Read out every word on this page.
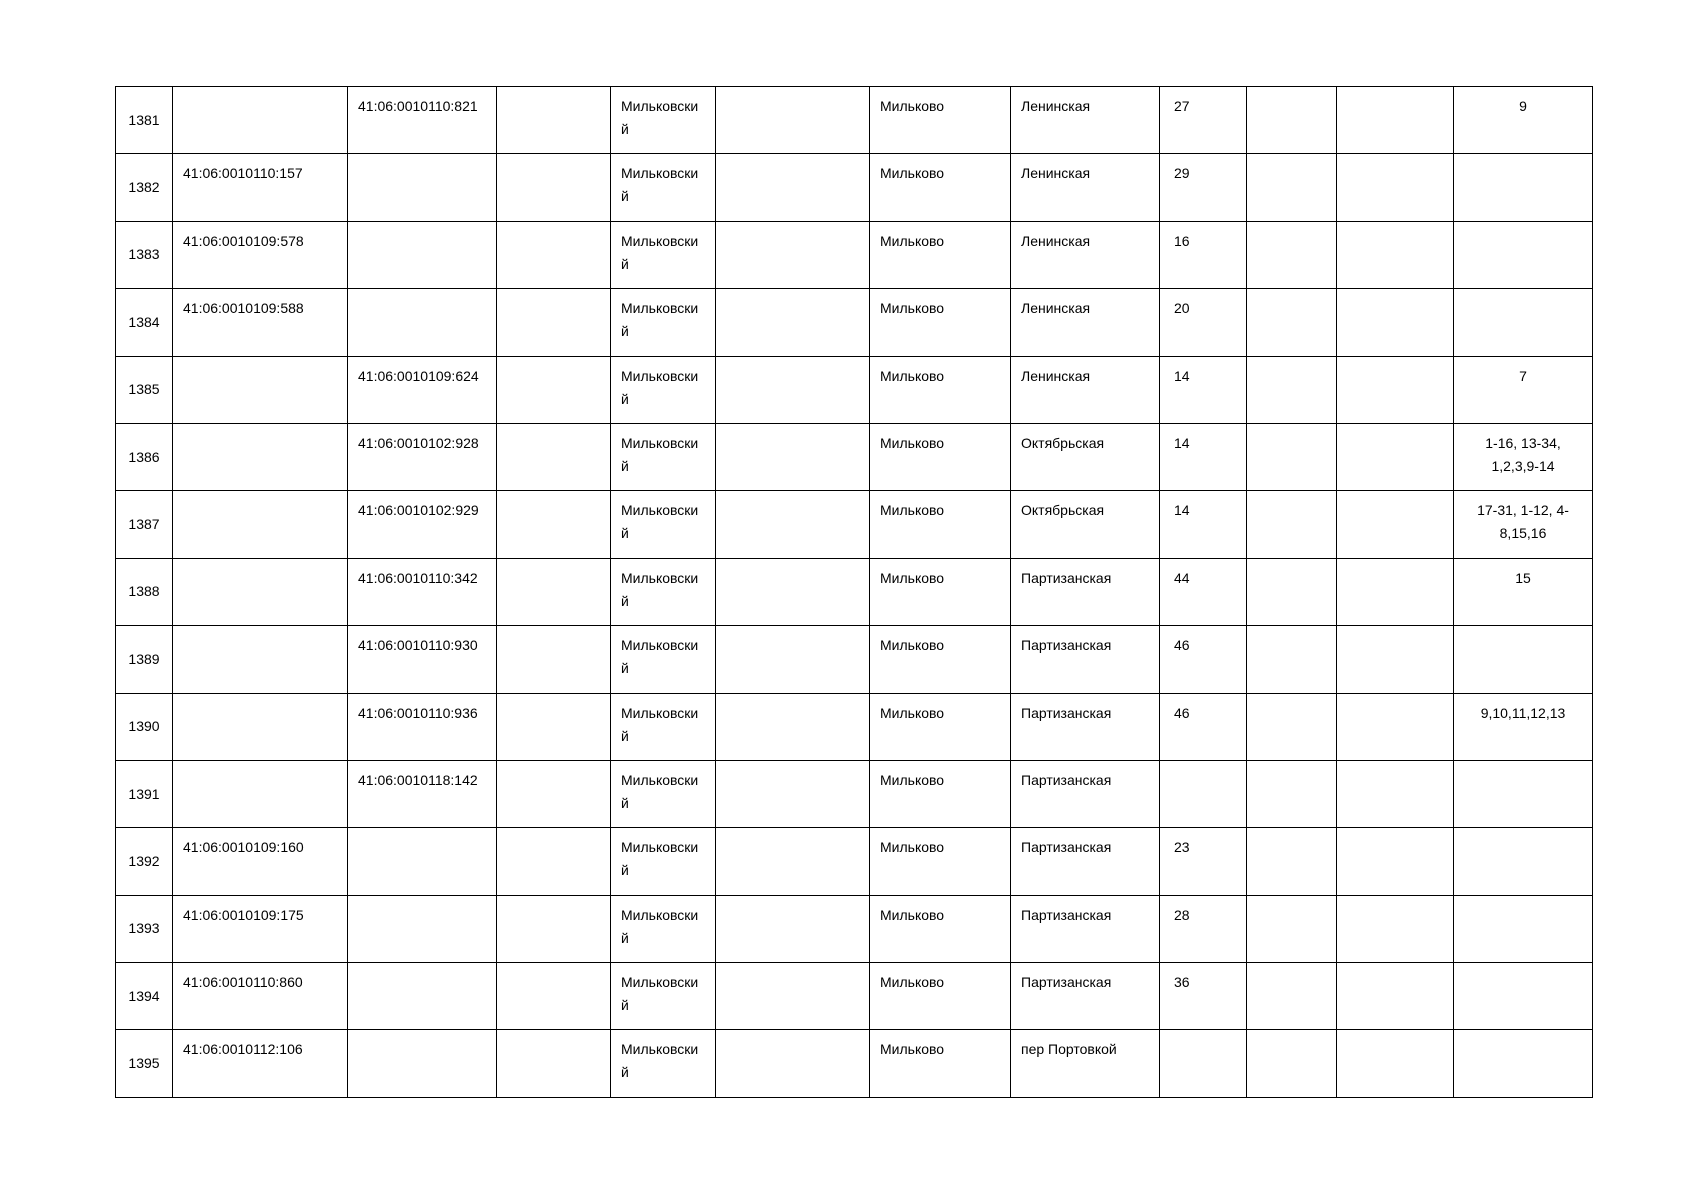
1381		41:06:0010110:821		Мильковский		Мильково	Ленинская	27			9
1382	41:06:0010110:157			Мильковский		Мильково	Ленинская	29			
1383	41:06:0010109:578			Мильковский		Мильково	Ленинская	16			
1384	41:06:0010109:588			Мильковский		Мильково	Ленинская	20			
1385		41:06:0010109:624		Мильковский		Мильково	Ленинская	14			7
1386		41:06:0010102:928		Мильковский		Мильково	Октябрьская	14			1-16, 13-34, 1,2,3,9-14
1387		41:06:0010102:929		Мильковский		Мильково	Октябрьская	14			17-31, 1-12, 4-8,15,16
1388		41:06:0010110:342		Мильковский		Мильково	Партизанская	44			15
1389		41:06:0010110:930		Мильковский		Мильково	Партизанская	46			
1390		41:06:0010110:936		Мильковский		Мильково	Партизанская	46			9,10,11,12,13
1391		41:06:0010118:142		Мильковский		Мильково	Партизанская				
1392	41:06:0010109:160			Мильковский		Мильково	Партизанская	23			
1393	41:06:0010109:175			Мильковский		Мильково	Партизанская	28			
1394	41:06:0010110:860			Мильковский		Мильково	Партизанская	36			
1395	41:06:0010112:106			Мильковский		Мильково	пер Портовкой				
